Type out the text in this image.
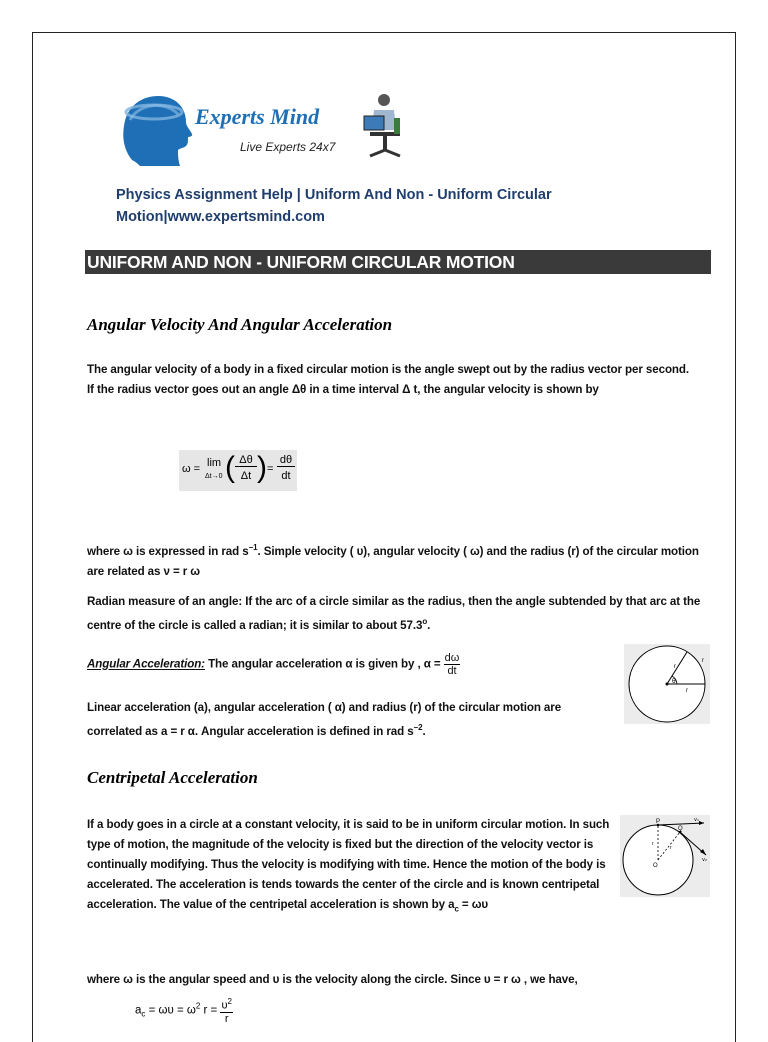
Experts Mind
Live Experts 24x7
Physics Assignment Help | Uniform And Non - Uniform Circular Motion|www.expertsmind.com
UNIFORM AND NON - UNIFORM CIRCULAR MOTION
Angular Velocity And Angular Acceleration
The angular velocity of a body in a fixed circular motion is the angle swept out by the radius vector per second. If the radius vector goes out an angle Δθ in a time interval Δ t, the angular velocity is shown by
ω = lim
Δt→0 ( Δθ
Δt ) =
dθ
dt
where ω is expressed in rad $s^{-1}$. Simple velocity ( υ), angular velocity ( ω) and the radius (r) of the circular motion are related as ν = r ω
Radian measure of an angle: If the arc of a circle similar as the radius, then the angle subtended by that arc at the centre of the circle is called a radian; it is similar to about 57.3$^o$.
Angular Acceleration: The angular acceleration α is given by , $\alpha = \frac{d\omega}{dt}$
Linear acceleration (a), angular acceleration ( α) and radius (r) of the circular motion are correlated as a = r α. Angular acceleration is defined in rad $s^{-2}$.
r
r
r
θ
Centripetal Acceleration
If a body goes in a circle at a constant velocity, it is said to be in uniform circular motion. In such type of motion, the magnitude of the velocity is fixed but the direction of the velocity vector is continually modifying. Thus the velocity is modifying with time. Hence the motion of the body is accelerated. The acceleration is tends towards the center of the circle and is known centripetal acceleration. The value of the centripetal acceleration is shown by $a_c = \omega\upsilon$
where ω is the angular speed and υ is the velocity along the circle. Since υ = r ω , we have,
$a_c = \omega\upsilon = \omega^2$ $r = \frac{\upsilon^2}{r}$
P
Q
O
v₁
v₂
r
r
